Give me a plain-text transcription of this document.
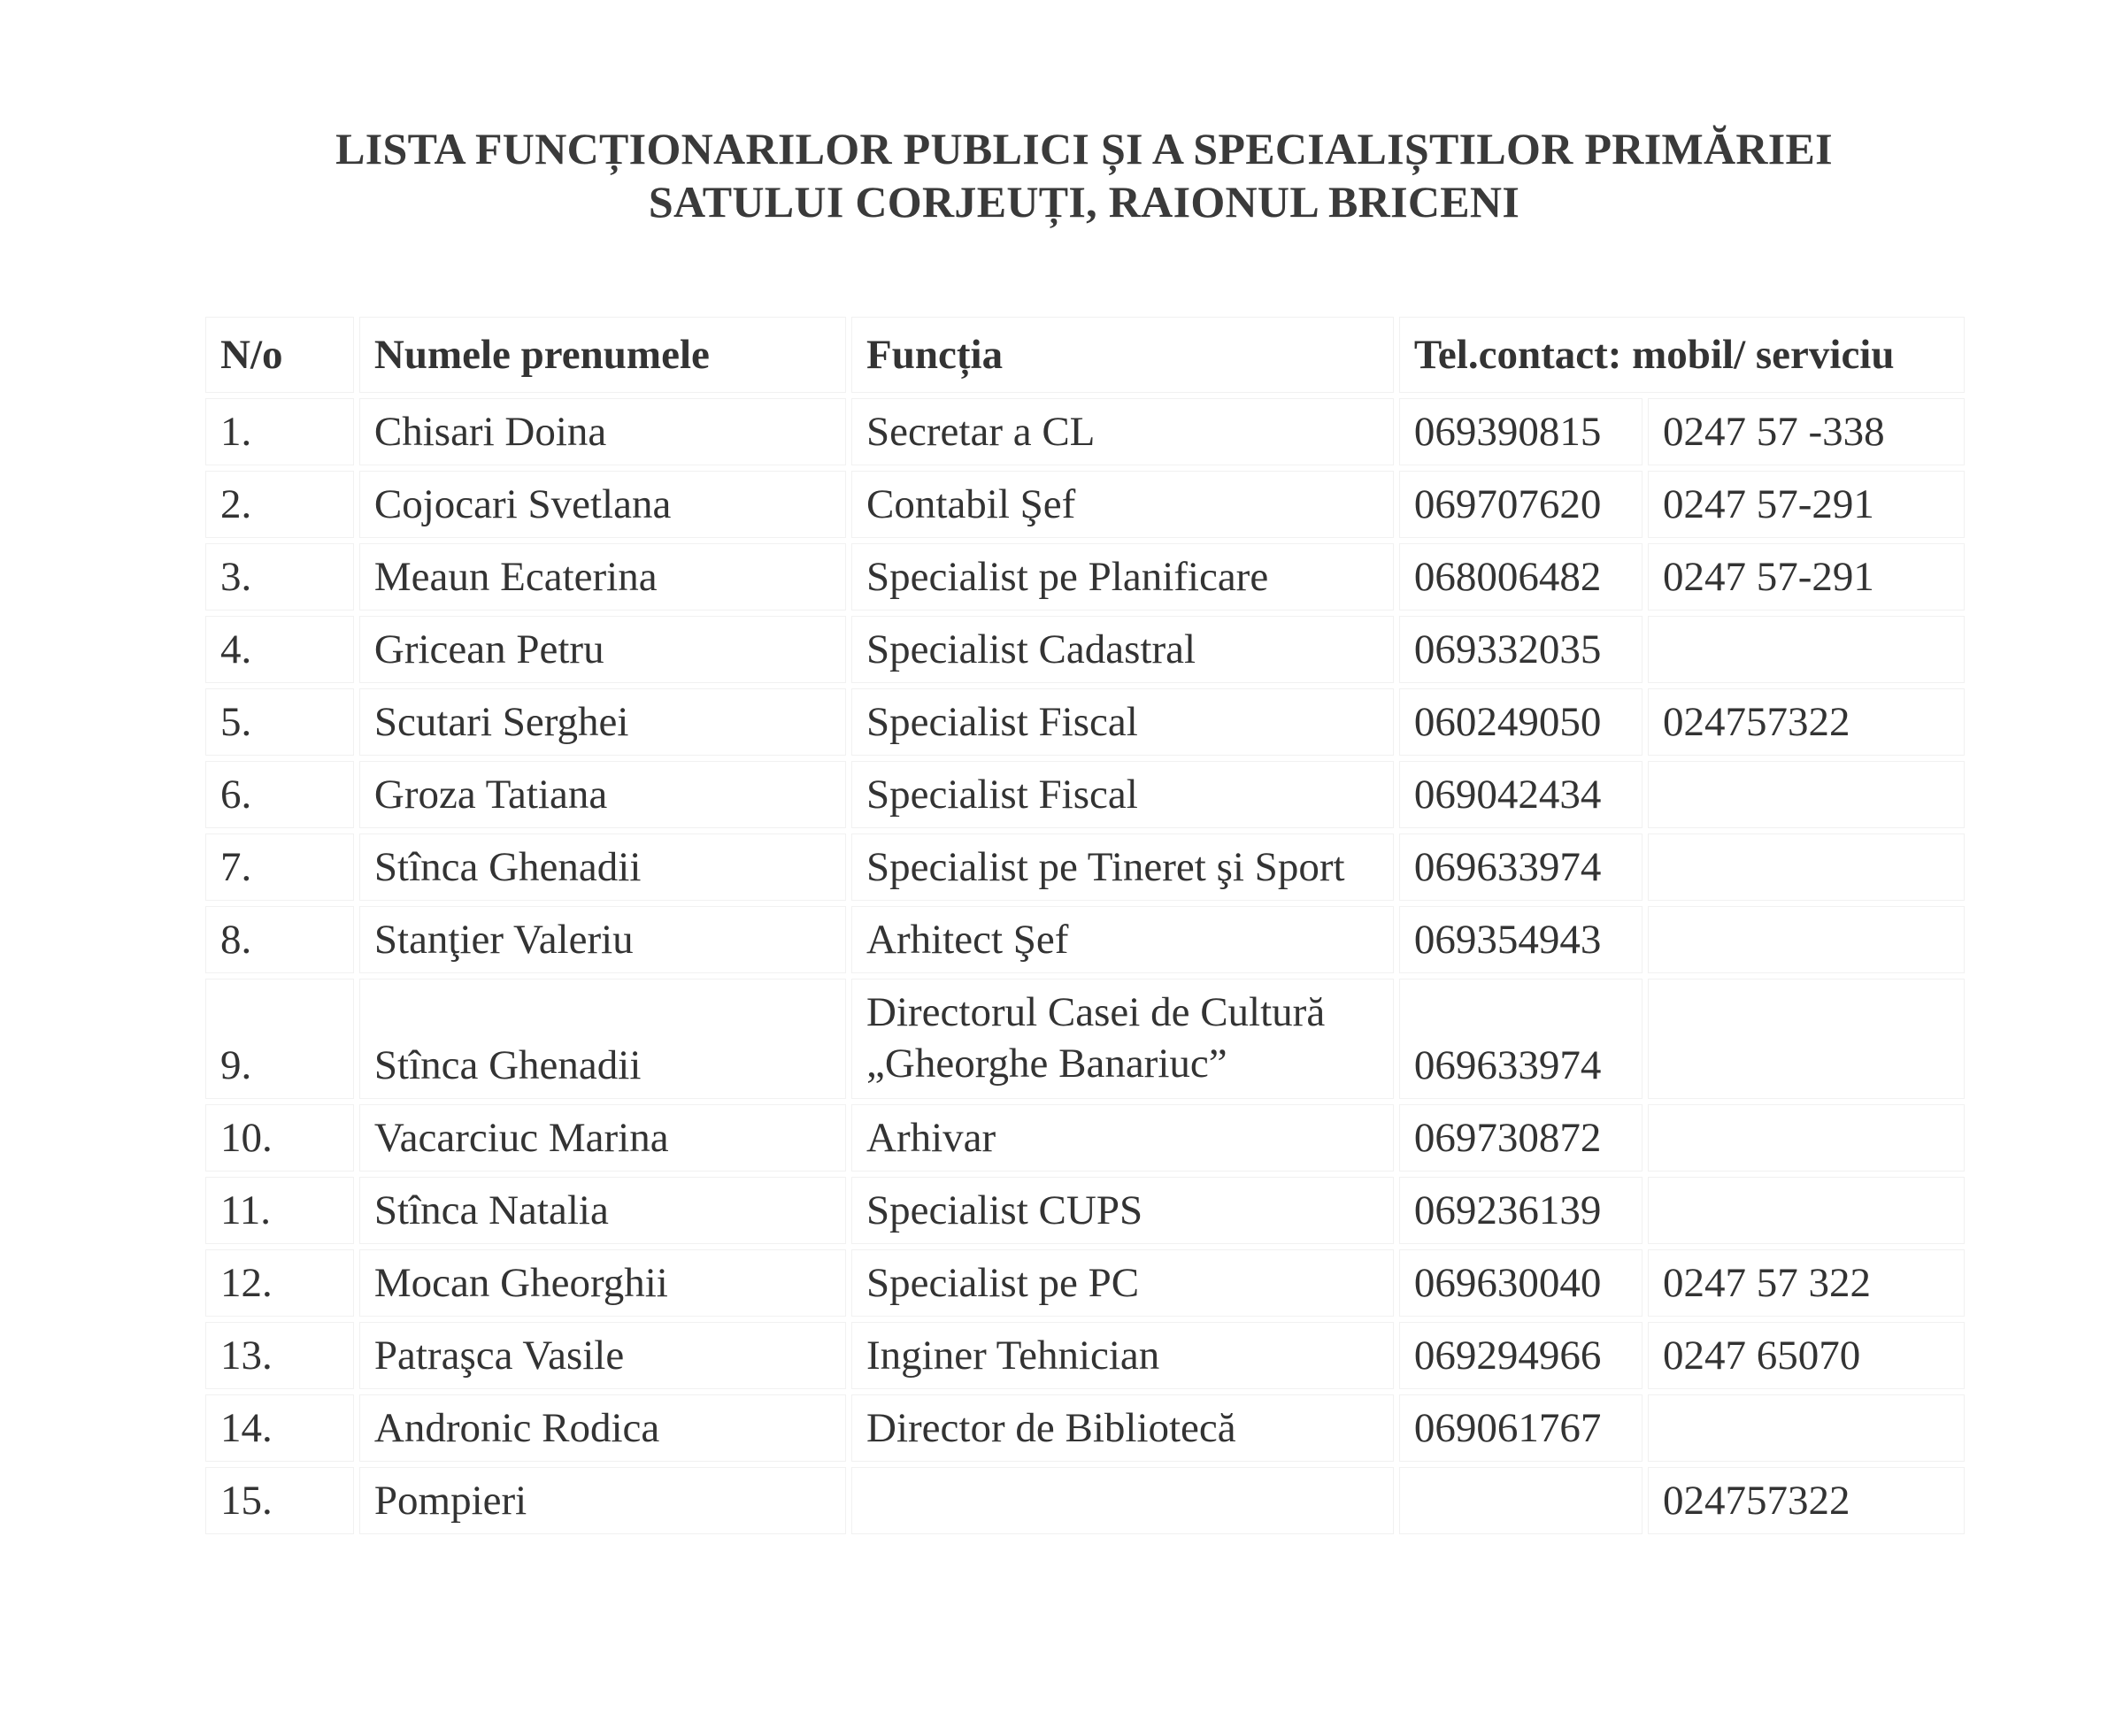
LISTA FUNCȚIONARILOR PUBLICI ȘI A SPECIALIȘTILOR PRIMĂRIEI
SATULUI CORJEUȚI, RAIONUL BRICENI
N/o	Numele prenumele	Funcția	Tel.contact: mobil/ serviciu	
1.	Chisari Doina	Secretar a CL	069390815	0247 57 -338
2.	Cojocari Svetlana	Contabil Şef	069707620	0247 57-291
3.	Meaun Ecaterina	Specialist pe Planificare	068006482	0247 57-291
4.	Gricean Petru	Specialist Cadastral	069332035	
5.	Scutari Serghei	Specialist Fiscal	060249050	024757322
6.	Groza Tatiana	Specialist Fiscal	069042434	
7.	Stînca Ghenadii	Specialist pe Tineret şi Sport	069633974	
8.	Stanţier Valeriu	Arhitect Şef	069354943	
9.	Stînca Ghenadii	Directorul Casei de Cultură „Gheorghe Banariuc”	069633974	
10.	Vacarciuc Marina	Arhivar	069730872	
11.	Stînca Natalia	Specialist CUPS	069236139	
12.	Mocan Gheorghii	Specialist pe PC	069630040	0247 57 322
13.	Patraşca Vasile	Inginer Tehnician	069294966	0247 65070
14.	Andronic Rodica	Director de Bibliotecă	069061767	
15.	Pompieri			024757322
